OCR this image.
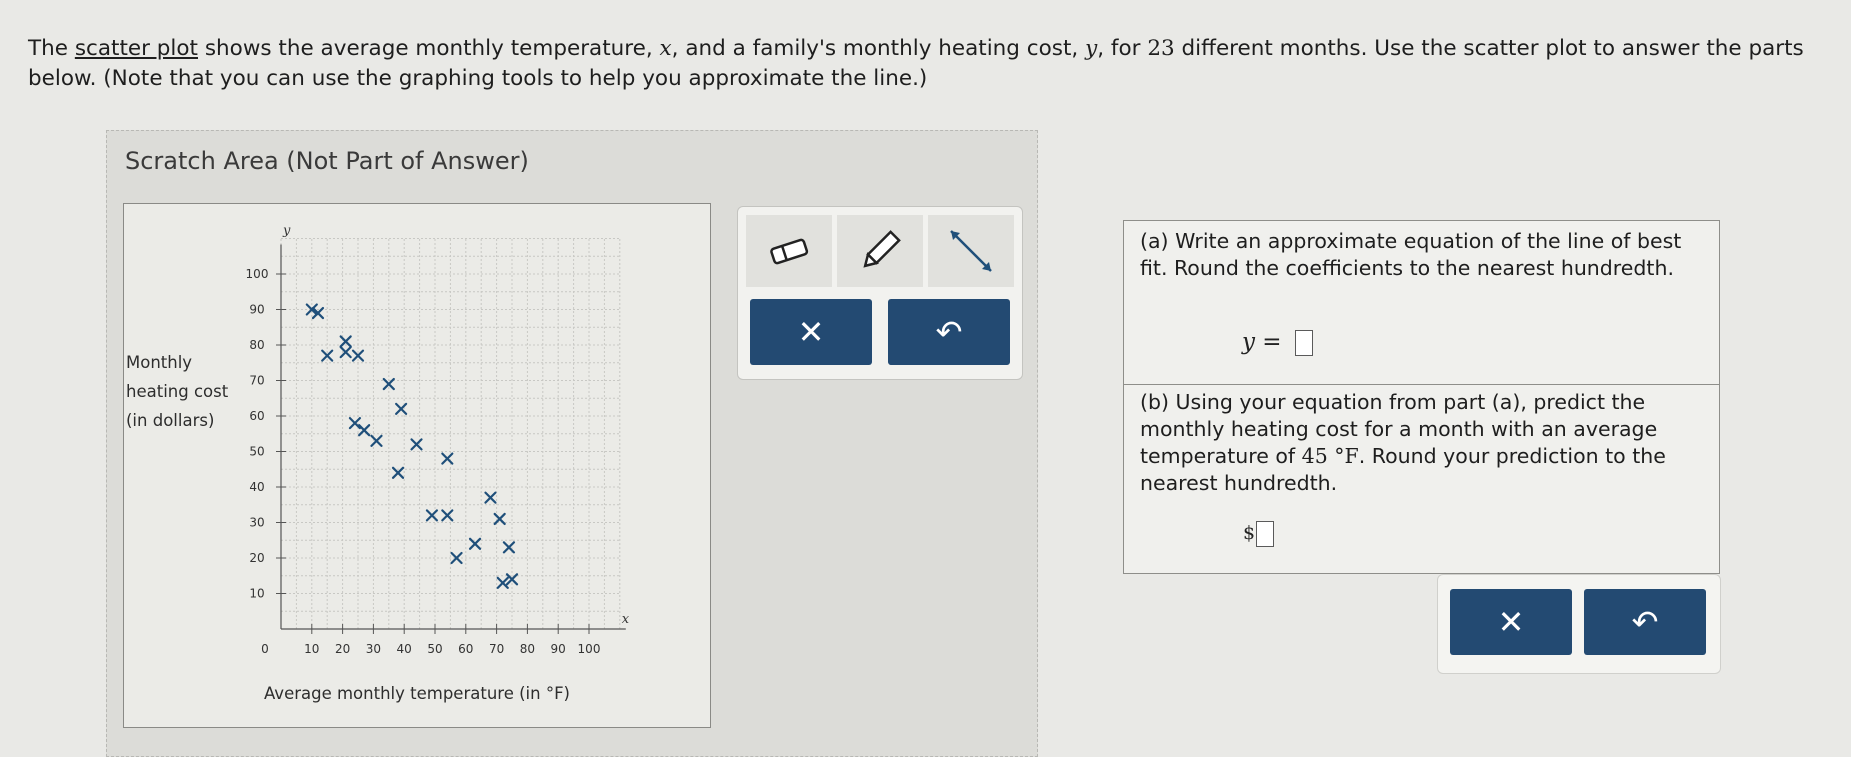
The scatter plot shows the average monthly temperature, x, and a family's monthly heating cost, y, for 23 different months. Use the scatter plot to answer the parts below. (Note that you can use the graphing tools to help you approximate the line.)
Scratch Area (Not Part of Answer)
y
x
0	10 20 30 40 50 60 70 80 90 100
10
20
30
40
50
60
70
80
90
100
Monthly
heating cost
(in dollars)
Average monthly temperature (in °F)
✕	↶
(a) Write an approximate equation of the line of best fit. Round the coefficients to the nearest hundredth.
y =
(b) Using your equation from part (a), predict the monthly heating cost for a month with an average temperature of 45 °F. Round your prediction to the nearest hundredth.
$
✕	↶
